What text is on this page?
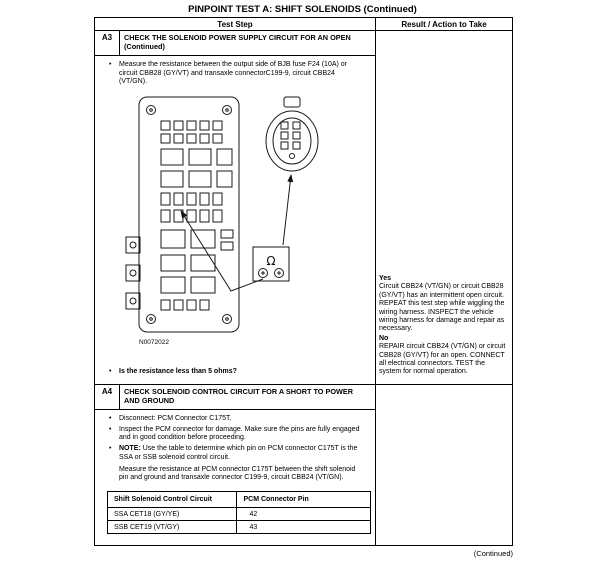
PINPOINT TEST A: SHIFT SOLENOIDS (Continued)
Test Step	Result / Action to Take
A3	CHECK THE SOLENOID POWER SUPPLY CIRCUIT FOR AN OPEN (Continued)
•	Measure the resistance between the output side of BJB fuse F24 (10A) or circuit CBB28 (GY/VT) and transaxle connectorC199-9, circuit CBB24 (VT/GN).
Ω
N0072022
•	Is the resistance less than 5 ohms?
Yes
Circuit CBB24 (VT/GN) or circuit CBB28 (GY/VT) has an intermittent open circuit. REPEAT this test step while wiggling the wiring harness. INSPECT the vehicle wiring harness for damage and repair as necessary.
No
REPAIR circuit CBB24 (VT/GN) or circuit CBB28 (GY/VT) for an open. CONNECT all electrical connectors. TEST the system for normal operation.
A4	CHECK SOLENOID CONTROL CIRCUIT FOR A SHORT TO POWER AND GROUND
•	Disconnect: PCM Connector C175T.
•	Inspect the PCM connector for damage. Make sure the pins are fully engaged and in good condition before proceeding.
•	NOTE: Use the table to determine which pin on PCM connector C175T is the SSA or SSB solenoid control circuit.
Measure the resistance at PCM connector C175T between the shift solenoid pin and ground and transaxle connector C199-9, circuit CBB24 (VT/GN).
Shift Solenoid Control Circuit	PCM Connector Pin
SSA CET18 (GY/YE)	42
SSB CET19 (VT/GY)	43
(Continued)
